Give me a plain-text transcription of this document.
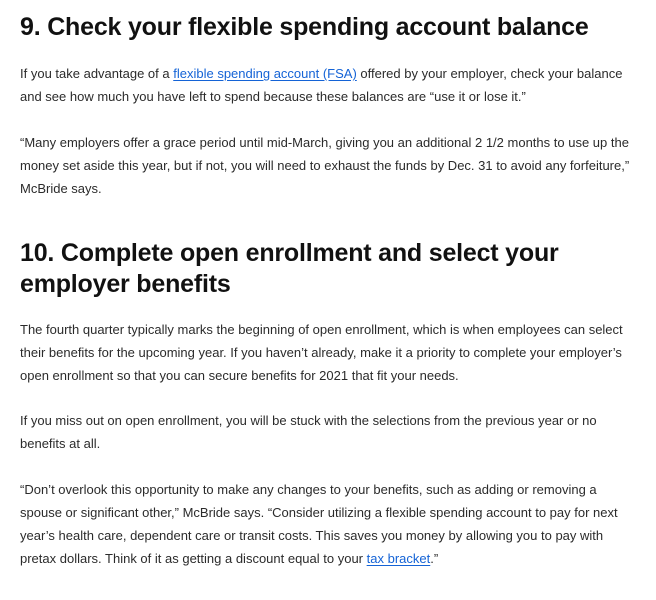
9. Check your flexible spending account balance

If you take advantage of a flexible spending account (FSA) offered by your employer, check your balance and see how much you have left to spend because these balances are “use it or lose it.”

“Many employers offer a grace period until mid-March, giving you an additional 2 1/2 months to use up the money set aside this year, but if not, you will need to exhaust the funds by Dec. 31 to avoid any forfeiture,” McBride says.

10. Complete open enrollment and select your employer benefits

The fourth quarter typically marks the beginning of open enrollment, which is when employees can select their benefits for the upcoming year. If you haven’t already, make it a priority to complete your employer’s open enrollment so that you can secure benefits for 2021 that fit your needs.

If you miss out on open enrollment, you will be stuck with the selections from the previous year or no benefits at all.

“Don’t overlook this opportunity to make any changes to your benefits, such as adding or removing a spouse or significant other,” McBride says. “Consider utilizing a flexible spending account to pay for next year’s health care, dependent care or transit costs. This saves you money by allowing you to pay with pretax dollars. Think of it as getting a discount equal to your tax bracket.”
